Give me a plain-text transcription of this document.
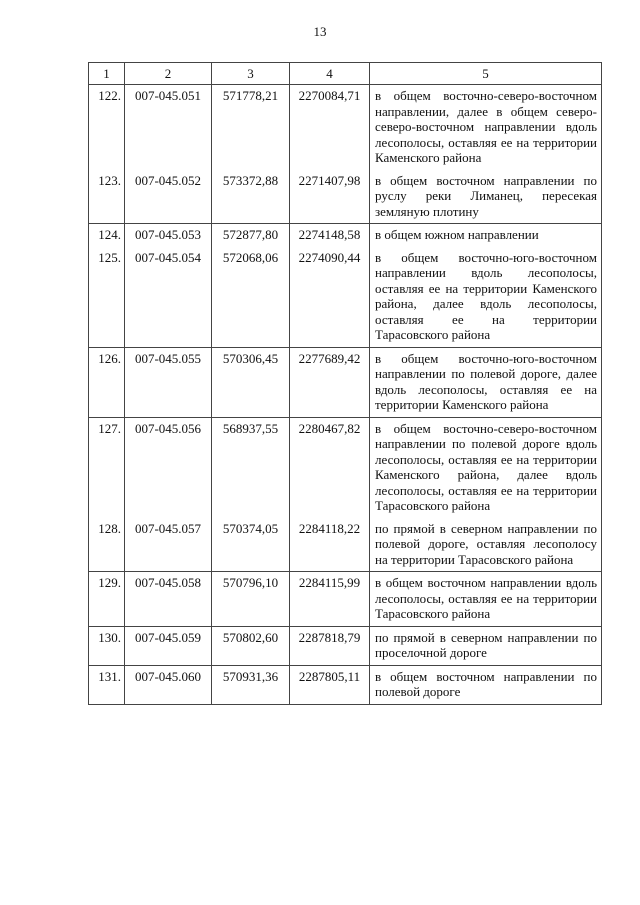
13
1	2	3	4	5
122.	007-045.051	571778,21	2270084,71	в общем восточно-северо-восточном направлении, далее в общем северо-северо-восточном направлении вдоль лесополосы, оставляя ее на территории Каменского района
123.	007-045.052	573372,88	2271407,98	в общем восточном направлении по руслу реки Лиманец, пересекая земляную плотину
124.	007-045.053	572877,80	2274148,58	в общем южном направлении
125.	007-045.054	572068,06	2274090,44	в общем восточно-юго-восточном направлении вдоль лесополосы, оставляя ее на территории Каменского района, далее вдоль лесополосы, оставляя ее на территории Тарасовского района
126.	007-045.055	570306,45	2277689,42	в общем восточно-юго-восточном направлении по полевой дороге, далее вдоль лесополосы, оставляя ее на территории Каменского района
127.	007-045.056	568937,55	2280467,82	в общем восточно-северо-восточном направлении по полевой дороге вдоль лесополосы, оставляя ее на территории Каменского района, далее вдоль лесополосы, оставляя ее на территории Тарасовского района
128.	007-045.057	570374,05	2284118,22	по прямой в северном направлении по полевой дороге, оставляя лесополосу на территории Тарасовского района
129.	007-045.058	570796,10	2284115,99	в общем восточном направлении вдоль лесополосы, оставляя ее на территории Тарасовского района
130.	007-045.059	570802,60	2287818,79	по прямой в северном направлении по проселочной дороге
131.	007-045.060	570931,36	2287805,11	в общем восточном направлении по полевой дороге
